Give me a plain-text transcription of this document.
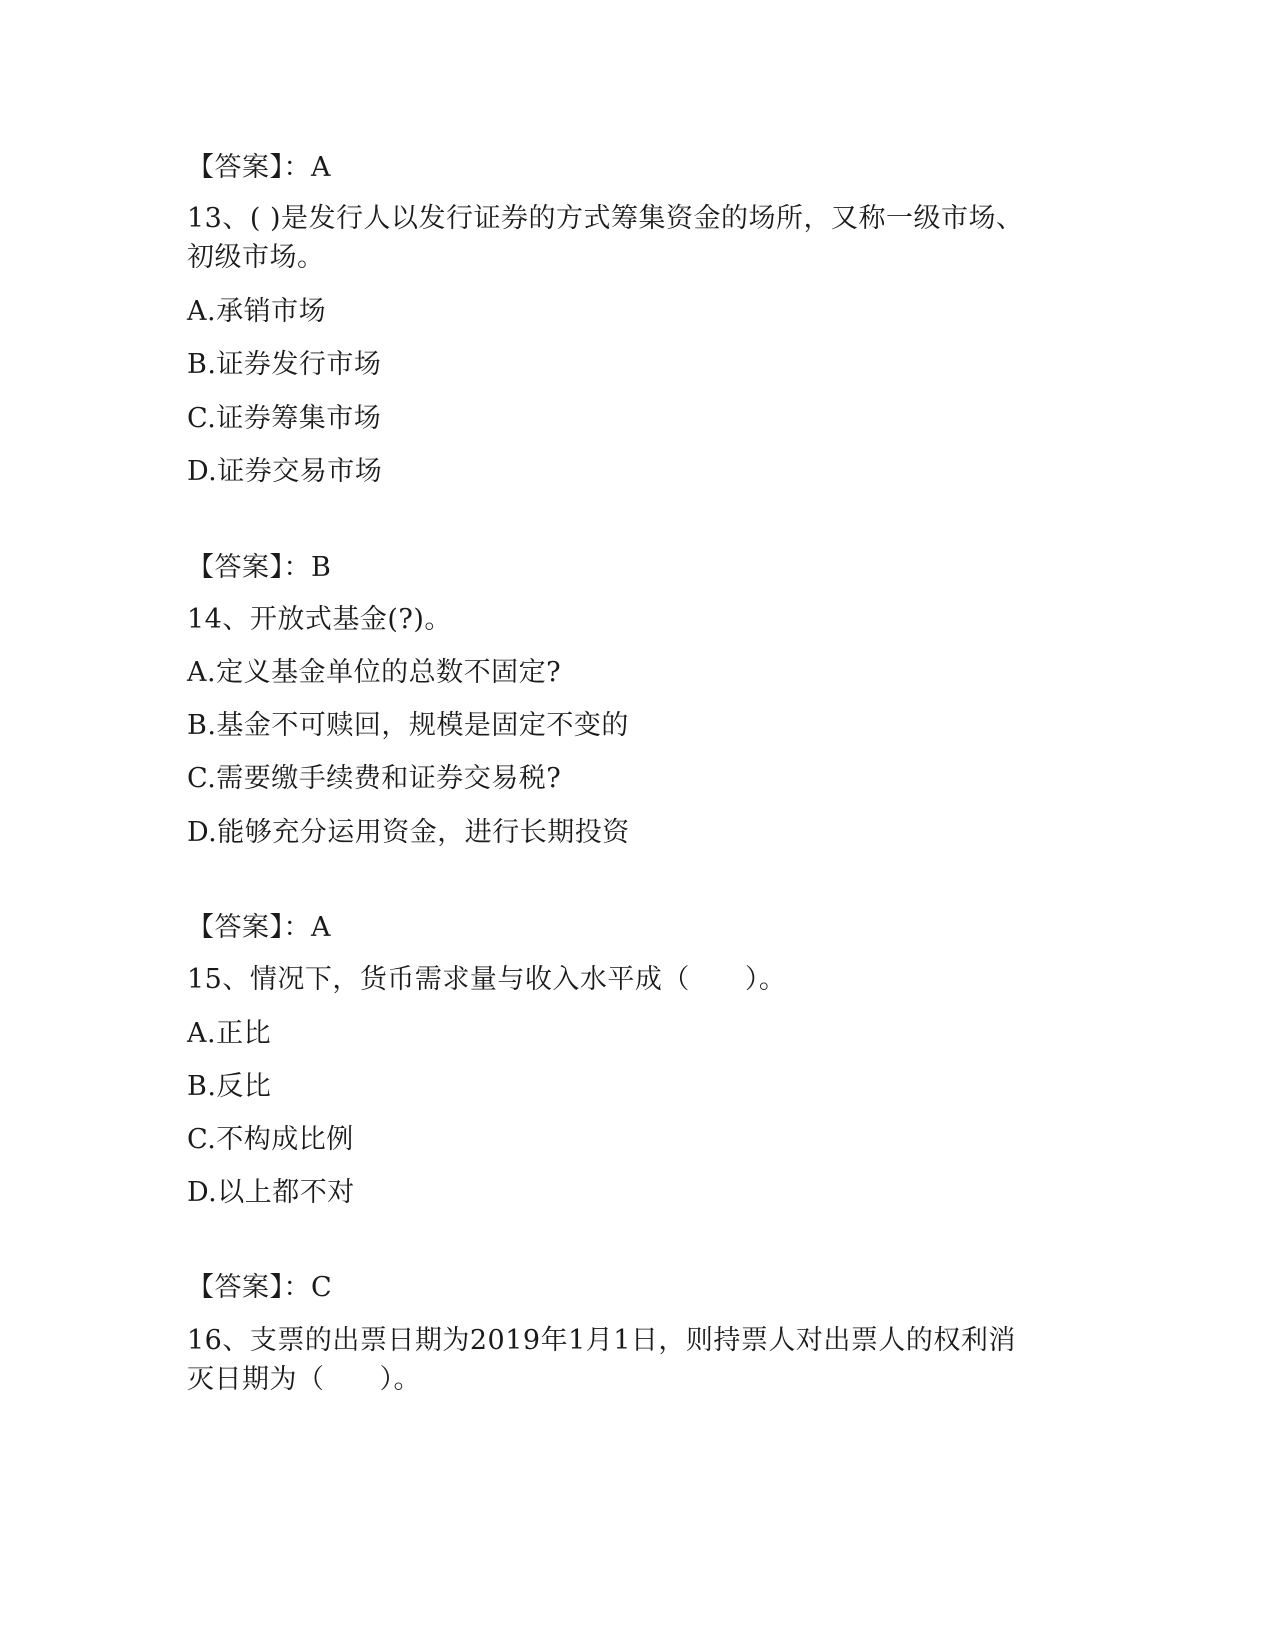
【答案】：A
13、( )是发行人以发行证券的方式筹集资金的场所，又称一级市场、
初级市场。
A.承销市场
B.证券发行市场
C.证券筹集市场
D.证券交易市场
【答案】：B
14、开放式基金(?)。
A.定义基金单位的总数不固定?
B.基金不可赎回，规模是固定不变的
C.需要缴手续费和证券交易税?
D.能够充分运用资金，进行长期投资
【答案】：A
15、情况下，货币需求量与收入水平成（　　）。
A.正比
B.反比
C.不构成比例
D.以上都不对
【答案】：C
16、支票的出票日期为2019年1月1日，则持票人对出票人的权利消
灭日期为（　　）。
